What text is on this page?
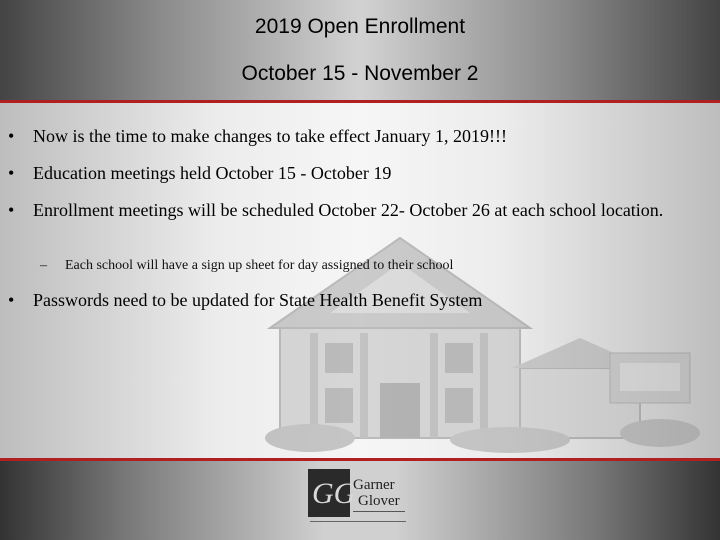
2019 Open Enrollment
October 15 - November 2
•	Now is the time to make changes to take effect January 1, 2019!!!
•	Education meetings held October 15 - October 19
•	Enrollment meetings will be scheduled October 22- October 26 at each school location.
– Each school will have a sign up sheet for day assigned to their school
•	Passwords need to be updated for State Health Benefit System
GG
Garner
Glover
